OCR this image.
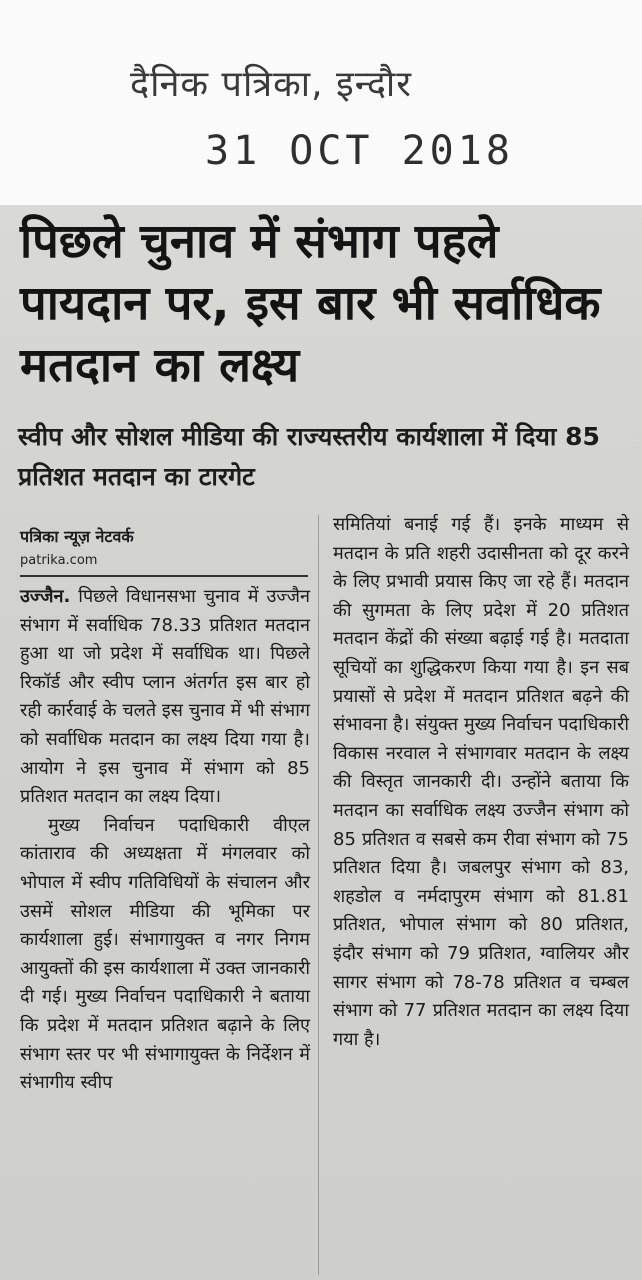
दैनिक पत्रिका, इन्दौर
31 OCT 2018
पिछले चुनाव में संभाग पहले पायदान पर, इस बार भी सर्वाधिक मतदान का लक्ष्य
स्वीप और सोशल मीडिया की राज्यस्तरीय कार्यशाला में दिया 85 प्रतिशत मतदान का टारगेट
पत्रिका न्यूज़ नेटवर्क
patrika.com

उज्जैन. पिछले विधानसभा चुनाव में उज्जैन संभाग में सर्वाधिक 78.33 प्रतिशत मतदान हुआ था जो प्रदेश में सर्वाधिक था। पिछले रिकॉर्ड और स्वीप प्लान अंतर्गत इस बार हो रही कार्रवाई के चलते इस चुनाव में भी संभाग को सर्वाधिक मतदान का लक्ष्य दिया गया है। आयोग ने इस चुनाव में संभाग को 85 प्रतिशत मतदान का लक्ष्य दिया।

मुख्य निर्वाचन पदाधिकारी वीएल कांताराव की अध्यक्षता में मंगलवार को भोपाल में स्वीप गतिविधियों के संचालन और उसमें सोशल मीडिया की भूमिका पर कार्यशाला हुई। संभागायुक्त व नगर निगम आयुक्तों की इस कार्यशाला में उक्त जानकारी दी गई। मुख्य निर्वाचन पदाधिकारी ने बताया कि प्रदेश में मतदान प्रतिशत बढ़ाने के लिए संभाग स्तर पर भी संभागायुक्त के निर्देशन में संभागीय स्वीप

समितियां बनाई गई हैं। इनके माध्यम से मतदान के प्रति शहरी उदासीनता को दूर करने के लिए प्रभावी प्रयास किए जा रहे हैं। मतदान की सुगमता के लिए प्रदेश में 20 प्रतिशत मतदान केंद्रों की संख्या बढ़ाई गई है। मतदाता सूचियों का शुद्धिकरण किया गया है। इन सब प्रयासों से प्रदेश में मतदान प्रतिशत बढ़ने की संभावना है। संयुक्त मुख्य निर्वाचन पदाधिकारी विकास नरवाल ने संभागवार मतदान के लक्ष्य की विस्तृत जानकारी दी। उन्होंने बताया कि मतदान का सर्वाधिक लक्ष्य उज्जैन संभाग को 85 प्रतिशत व सबसे कम रीवा संभाग को 75 प्रतिशत दिया है। जबलपुर संभाग को 83, शहडोल व नर्मदापुरम संभाग को 81.81 प्रतिशत, भोपाल संभाग को 80 प्रतिशत, इंदौर संभाग को 79 प्रतिशत, ग्वालियर और सागर संभाग को 78-78 प्रतिशत व चम्बल संभाग को 77 प्रतिशत मतदान का लक्ष्य दिया गया है।
